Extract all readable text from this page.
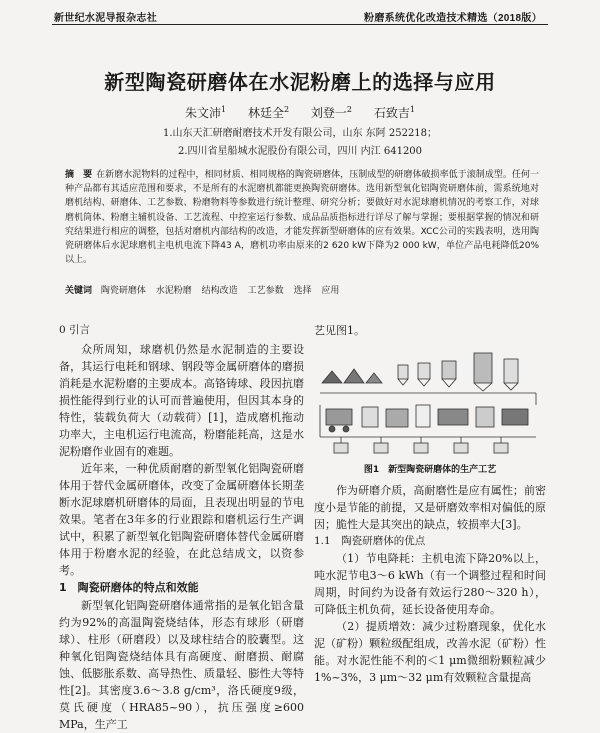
新世纪水泥导报杂志社	粉磨系统优化改造技术精选（2018版）
新型陶瓷研磨体在水泥粉磨上的选择与应用
朱文沛$^1$ 林廷全$^2$ 刘登一$^2$ 石致吉$^1$
1.山东天汇研磨耐磨技术开发有限公司，山东 东阿 252218；
2.四川省星船城水泥股份有限公司，四川 内江 641200
摘　要 在新磨水泥物料的过程中，相同材质、相同规格的陶瓷研磨体，压制成型的研磨体破损率低于滚制成型。任何一种产品都有其适应范围和要求，不是所有的水泥磨机都能更换陶瓷研磨体。选用新型氧化铝陶瓷研磨体前，需系统地对磨机结构、研磨体、工艺参数、粉磨物料等参数进行统计整理、研究分析；要做好对水泥球磨机情况的考察工作，对球磨机筒体、粉磨主辅机设备、工艺流程、中控室运行参数、成品品质指标进行详尽了解与掌握；要根据掌握的情况和研究结果进行相应的调整，包括对磨机内部结构的改造，才能发挥新型研磨体的应有效果。XCC公司的实践表明，选用陶瓷研磨体后水泥球磨机主电机电流下降43 A，磨机功率由原来的2 620 kW下降为2 000 kW，单位产品电耗降低20%以上。
关键词 陶瓷研磨体 水泥粉磨 结构改造 工艺参数 选择 应用
0 引言

众所周知，球磨机仍然是水泥制造的主要设备，其运行电耗和钢球、钢段等金属研磨体的磨损消耗是水泥粉磨的主要成本。高铬铸球、段因抗磨损性能得到行业的认可而普遍使用，但因其本身的特性，装载负荷大（动载荷）[1]，造成磨机拖动功率大，主电机运行电流高，粉磨能耗高，这是水泥粉磨作业固有的难题。

近年来，一种优质耐磨的新型氧化铝陶瓷研磨体用于替代金属研磨体，改变了金属研磨体长期垄断水泥球磨机研磨体的局面，且表现出明显的节电效果。笔者在3年多的行业跟踪和磨机运行生产调试中，积累了新型氧化铝陶瓷研磨体替代金属研磨体用于粉磨水泥的经验，在此总结成文，以资参考。

1　陶瓷研磨体的特点和效能

新型氧化铝陶瓷研磨体通常指的是氧化铝含量约为92%的高温陶瓷烧结体，形态有球形（研磨球）、柱形（研磨段）以及球柱结合的胶囊型。这种氧化铝陶瓷烧结体具有高硬度、耐磨损、耐腐蚀、低膨胀系数、高导热性、质量轻、膨性大等特性[2]。其密度3.6～3.8 g/cm³，洛氏硬度9级，莫氏硬度（HRA85~90），抗压强度≥600 MPa，生产工

艺见图1。

图1　新型陶瓷研磨体的生产工艺

作为研磨介质，高耐磨性是应有属性；前密度小是节能的前提，又是研磨效率相对偏低的原因；脆性大是其突出的缺点，较损率大[3]。

1.1　陶瓷研磨体的优点

（1）节电降耗：主机电流下降20%以上，吨水泥节电3～6 kWh（有一个调整过程和时间周期，时间约为设备有效运行280～320 h），可降低主机负荷，延长设备使用寿命。

（2）提质增效：减少过粉磨现象，优化水泥（矿粉）颗粒级配组成，改善水泥（矿粉）性能。对水泥性能不利的＜1 μm微细粉颗粒减少1%~3%，3 μm～32 μm有效颗粒含量提高
